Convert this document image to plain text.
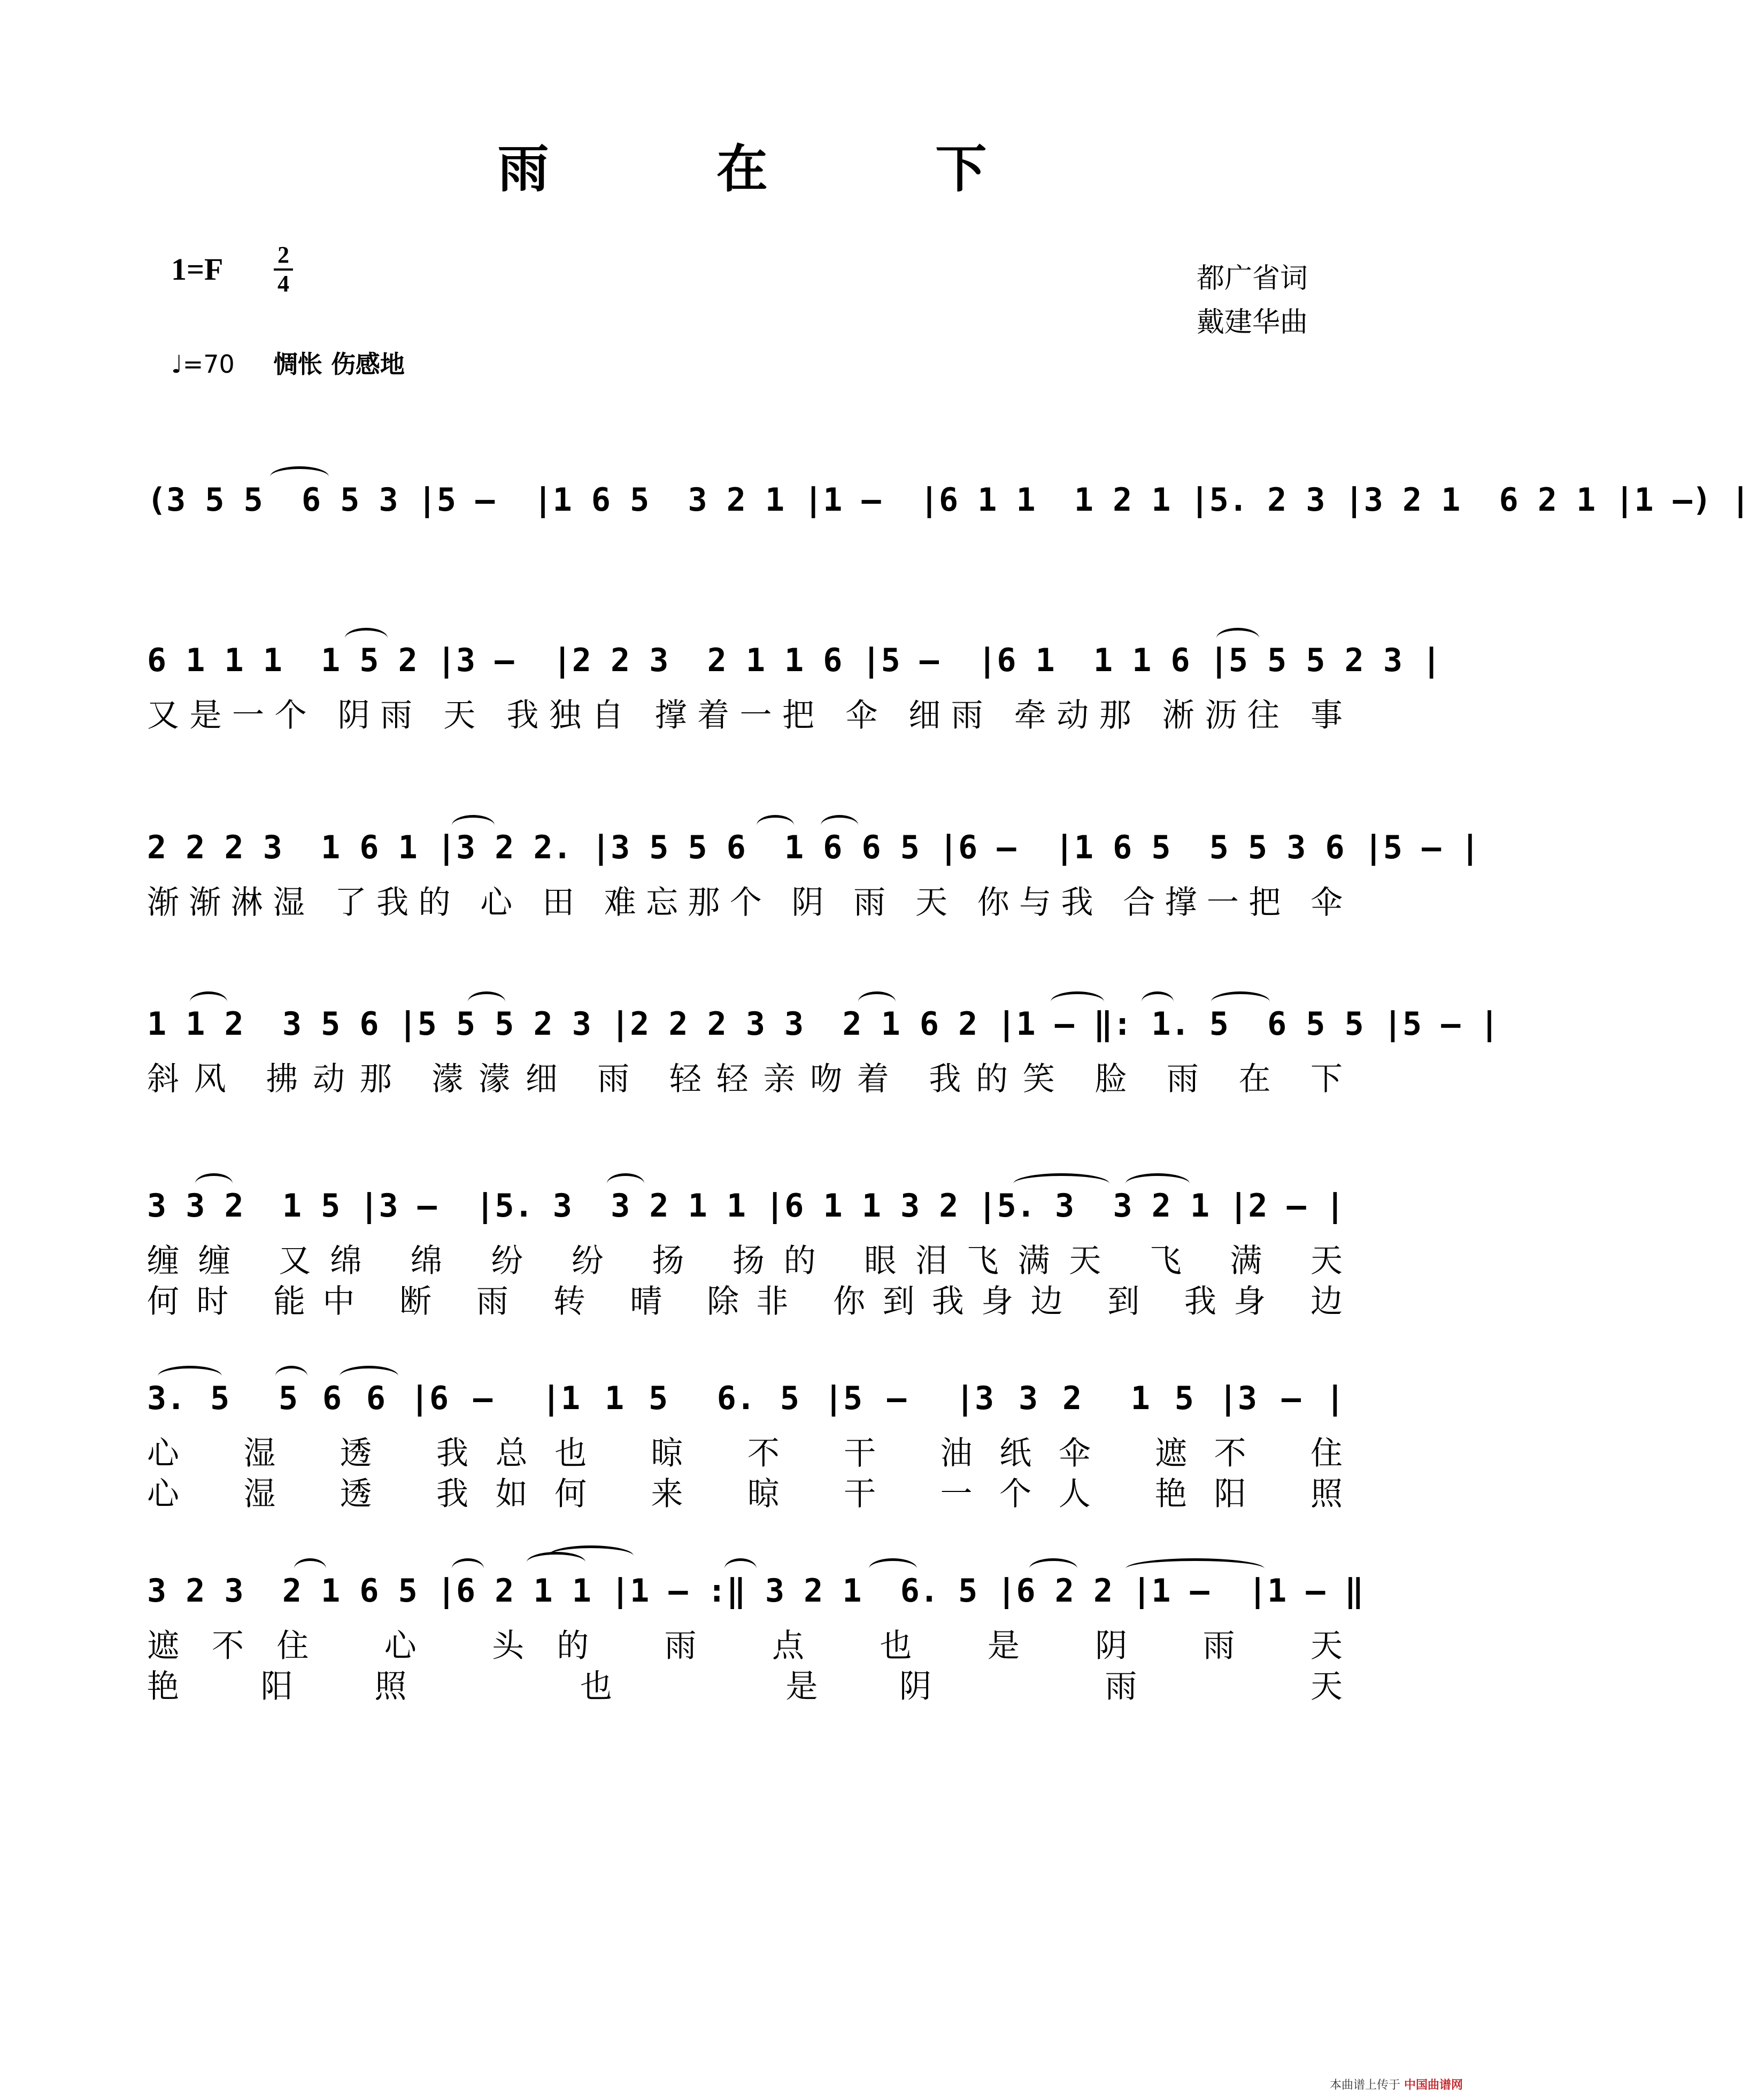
雨 在 下
1=F	2
4
♩=70 惆怅 伤感地
都广省词
戴建华曲
(3 5 5  6 5 3 |5 –  |1 6 5  3 2 1 |1 –  |6 1 1  1 2 1 |5. 2 3 |3 2 1  6 2 1 |1 –) |
6 1 1 1  1 5 2 |3 –  |2 2 3  2 1 1 6 |5 –  |6 1  1 1 6 |5 5 5 2 3 |
又是一个 阴雨 天 我独自 撑着一把 伞 细雨 牵动那 淅沥往 事
2 2 2 3  1 6 1 |3 2 2. |3 5 5 6  1 6 6 5 |6 –  |1 6 5  5 5 3 6 |5 – |
渐渐淋湿 了我的 心 田 难忘那个 阴 雨 天 你与我 合撑一把 伞
1 1 2  3 5 6 |5 5 5 2 3 |2 2 2 3 3  2 1 6 2 |1 – ‖: 1. 5  6 5 5 |5 – |
斜风 拂动那 濛濛细 雨 轻轻亲吻着 我的笑 脸 雨 在 下
3 3 2  1 5 |3 –  |5. 3  3 2 1 1 |6 1 1 3 2 |5. 3  3 2 1 |2 – |
缠缠 又绵 绵 纷 纷 扬 扬的 眼泪飞满天 飞 满 天
何时 能中 断 雨 转 晴 除非 你到我身边 到 我身 边
3. 5  5 6 6 |6 –  |1 1 5  6. 5 |5 –  |3 3 2  1 5 |3 – |
心 湿 透 我总也 晾 不 干 油纸伞 遮不 住
心 湿 透 我如何 来 晾 干 一个人 艳阳 照
3 2 3  2 1 6 5 |6 2 1 1 |1 – :‖ 3 2 1  6. 5 |6 2 2 |1 –  |1 – ‖
遮不住 心 头的 雨 点 也 是 阴 雨 天
艳阳照 也 是阴 雨 天
本曲谱上传于 中国曲谱网
